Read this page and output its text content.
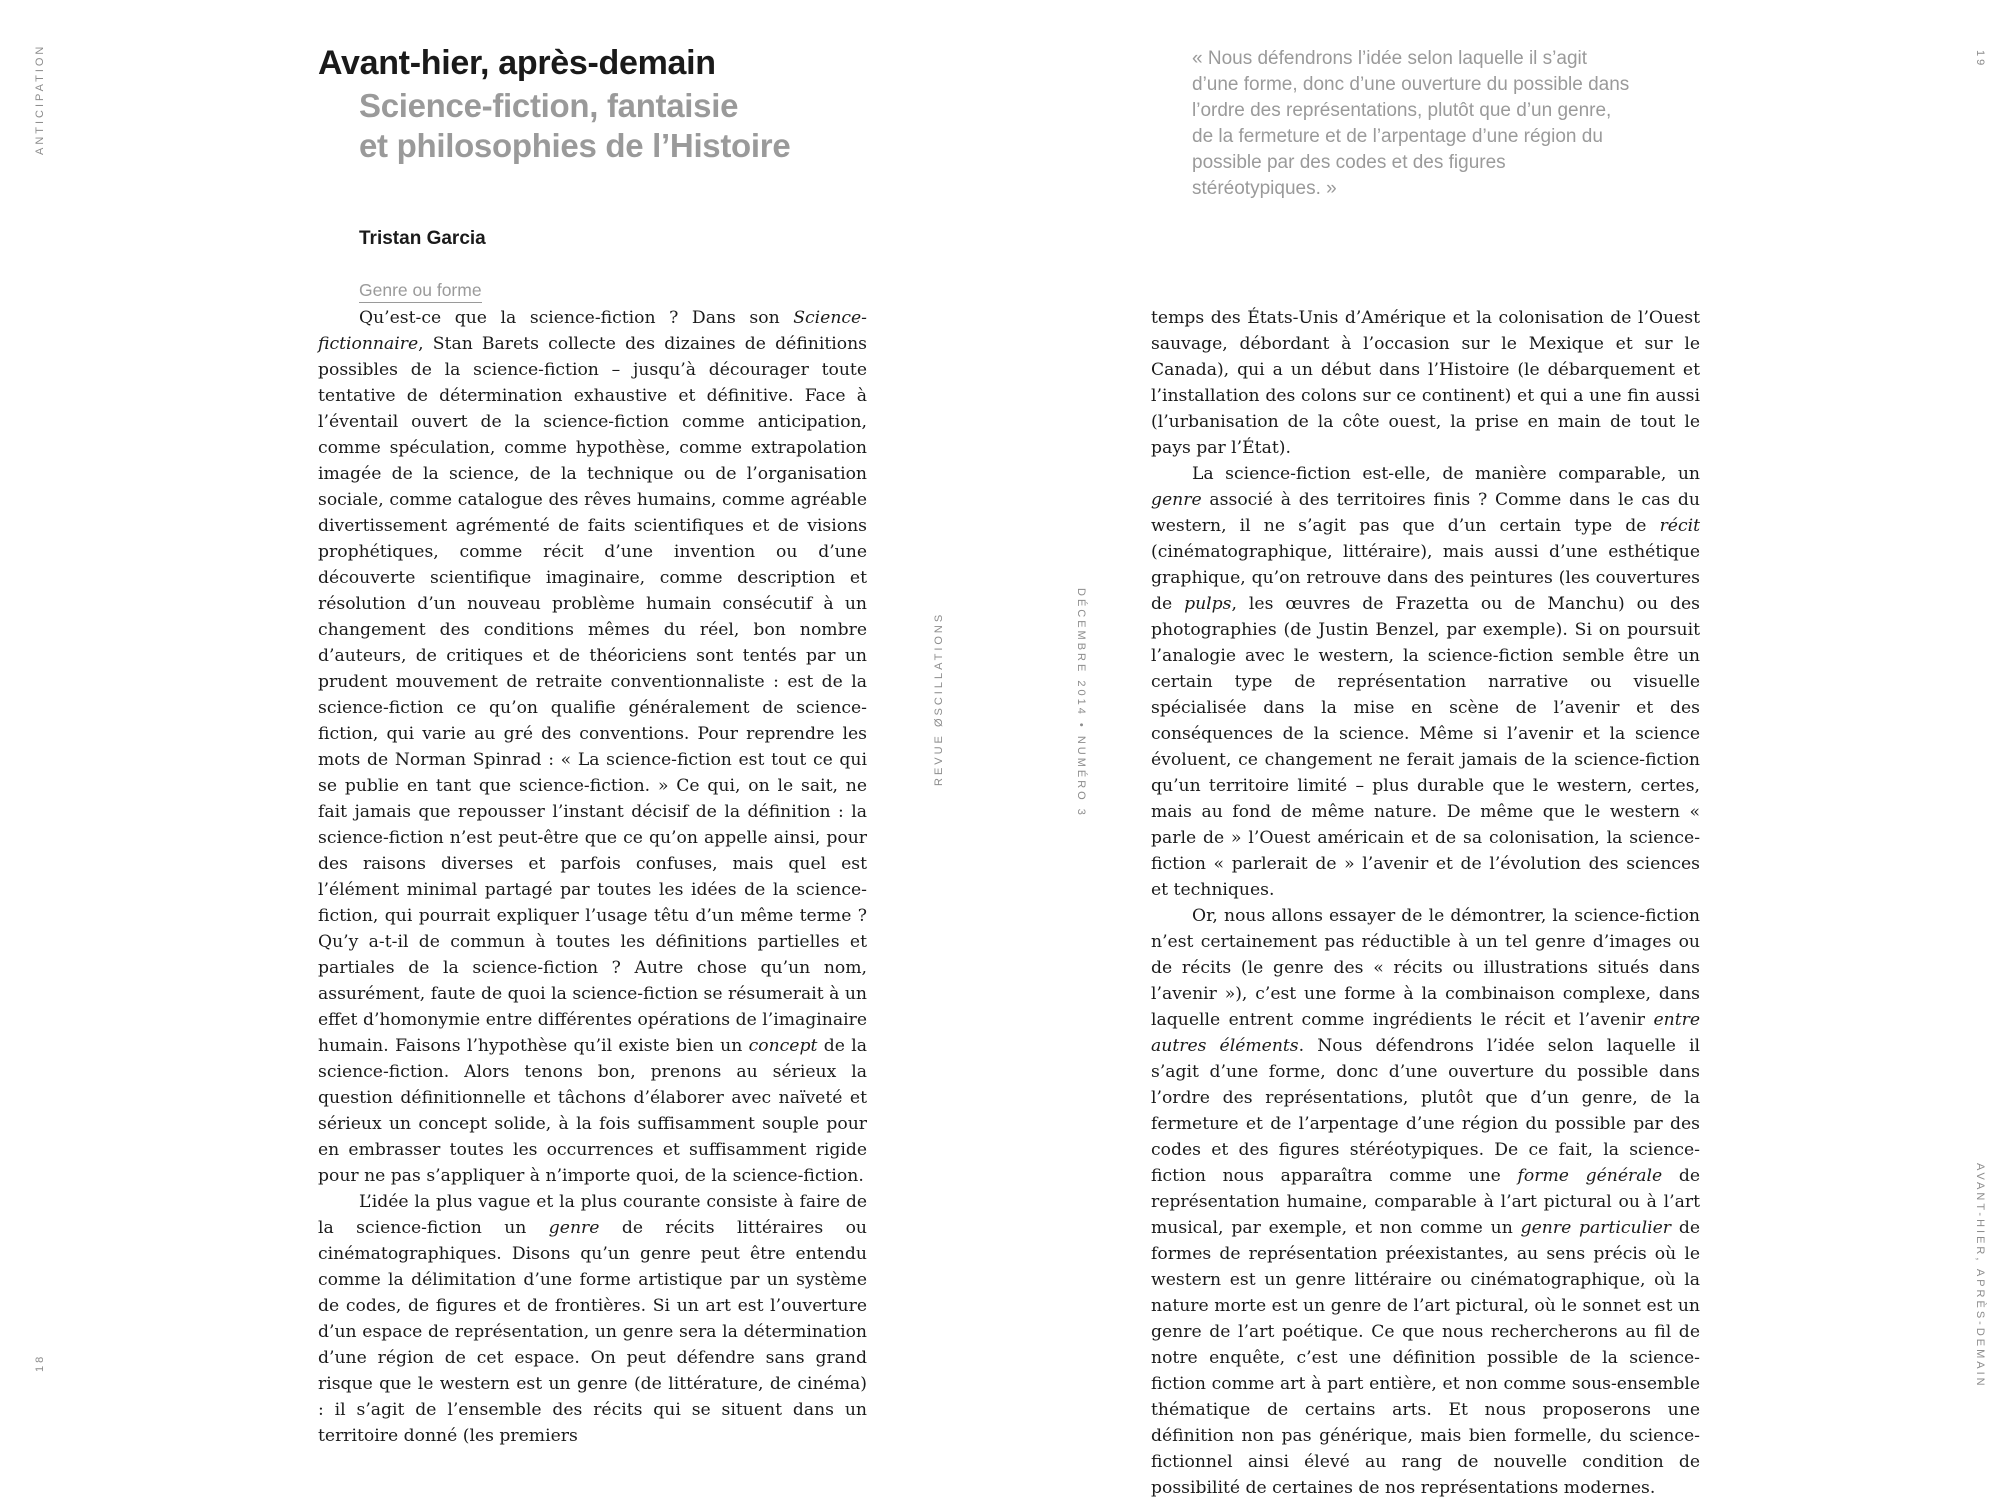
ANTICIPATION
18
19
AVANT-HIER, APRÈS-DEMAIN
REVUE ØSCILLATIONS	DÉCEMBRE 2014 • NUMÉRO 3
Avant-hier, après-demain
Science-fiction, fantaisie
et philosophies de l’Histoire
Tristan Garcia
« Nous défendrons l’idée selon laquelle il s’agit d’une forme, donc d’une ouverture du possible dans l’ordre des représentations, plutôt que d’un genre, de la fermeture et de l’arpentage d’une région du possible par des codes et des figures stéréotypiques. »
Genre ou forme

Qu’est-ce que la science-fiction ? Dans son Science-fictionnaire, Stan Barets collecte des dizaines de définitions possibles de la science-fiction – jusqu’à décourager toute tentative de détermination exhaustive et définitive. Face à l’éventail ouvert de la science-fiction comme anticipation, comme spéculation, comme hypothèse, comme extrapolation imagée de la science, de la technique ou de l’organisation sociale, comme catalogue des rêves humains, comme agréable divertissement agrémenté de faits scientifiques et de visions prophétiques, comme récit d’une invention ou d’une découverte scientifique imaginaire, comme description et résolution d’un nouveau problème humain consécutif à un changement des conditions mêmes du réel, bon nombre d’auteurs, de critiques et de théoriciens sont tentés par un prudent mouvement de retraite conventionnaliste : est de la science-fiction ce qu’on qualifie généralement de science-fiction, qui varie au gré des conventions. Pour reprendre les mots de Norman Spinrad : « La science-fiction est tout ce qui se publie en tant que science-fiction. » Ce qui, on le sait, ne fait jamais que repousser l’instant décisif de la définition : la science-fiction n’est peut-être que ce qu’on appelle ainsi, pour des raisons diverses et parfois confuses, mais quel est l’élément minimal partagé par toutes les idées de la science-fiction, qui pourrait expliquer l’usage têtu d’un même terme ? Qu’y a-t-il de commun à toutes les définitions partielles et partiales de la science-fiction ? Autre chose qu’un nom, assurément, faute de quoi la science-fiction se résumerait à un effet d’homonymie entre différentes opérations de l’imaginaire humain. Faisons l’hypothèse qu’il existe bien un concept de la science-fiction. Alors tenons bon, prenons au sérieux la question définitionnelle et tâchons d’élaborer avec naïveté et sérieux un concept solide, à la fois suffisamment souple pour en embrasser toutes les occurrences et suffisamment rigide pour ne pas s’appliquer à n’importe quoi, de la science-fiction.

L’idée la plus vague et la plus courante consiste à faire de la science-fiction un genre de récits littéraires ou cinématographiques. Disons qu’un genre peut être entendu comme la délimitation d’une forme artistique par un système de codes, de figures et de frontières. Si un art est l’ouverture d’un espace de représentation, un genre sera la détermination d’une région de cet espace. On peut défendre sans grand risque que le western est un genre (de littérature, de cinéma) : il s’agit de l’ensemble des récits qui se situent dans un territoire donné (les premiers

temps des États-Unis d’Amérique et la colonisation de l’Ouest sauvage, débordant à l’occasion sur le Mexique et sur le Canada), qui a un début dans l’Histoire (le débarquement et l’installation des colons sur ce continent) et qui a une fin aussi (l’urbanisation de la côte ouest, la prise en main de tout le pays par l’État).

La science-fiction est-elle, de manière comparable, un genre associé à des territoires finis ? Comme dans le cas du western, il ne s’agit pas que d’un certain type de récit (cinématographique, littéraire), mais aussi d’une esthétique graphique, qu’on retrouve dans des peintures (les couvertures de pulps, les œuvres de Frazetta ou de Manchu) ou des photographies (de Justin Benzel, par exemple). Si on poursuit l’analogie avec le western, la science-fiction semble être un certain type de représentation narrative ou visuelle spécialisée dans la mise en scène de l’avenir et des conséquences de la science. Même si l’avenir et la science évoluent, ce changement ne ferait jamais de la science-fiction qu’un territoire limité – plus durable que le western, certes, mais au fond de même nature. De même que le western « parle de » l’Ouest américain et de sa colonisation, la science-fiction « parlerait de » l’avenir et de l’évolution des sciences et techniques.

Or, nous allons essayer de le démontrer, la science-fiction n’est certainement pas réductible à un tel genre d’images ou de récits (le genre des « récits ou illustrations situés dans l’avenir »), c’est une forme à la combinaison complexe, dans laquelle entrent comme ingrédients le récit et l’avenir entre autres éléments. Nous défendrons l’idée selon laquelle il s’agit d’une forme, donc d’une ouverture du possible dans l’ordre des représentations, plutôt que d’un genre, de la fermeture et de l’arpentage d’une région du possible par des codes et des figures stéréotypiques. De ce fait, la science-fiction nous apparaîtra comme une forme générale de représentation humaine, comparable à l’art pictural ou à l’art musical, par exemple, et non comme un genre particulier de formes de représentation préexistantes, au sens précis où le western est un genre littéraire ou cinématographique, où la nature morte est un genre de l’art pictural, où le sonnet est un genre de l’art poétique. Ce que nous rechercherons au fil de notre enquête, c’est une définition possible de la science-fiction comme art à part entière, et non comme sous-ensemble thématique de certains arts. Et nous proposerons une définition non pas générique, mais bien formelle, du science-fictionnel ainsi élevé au rang de nouvelle condition de possibilité de certaines de nos représentations modernes.
